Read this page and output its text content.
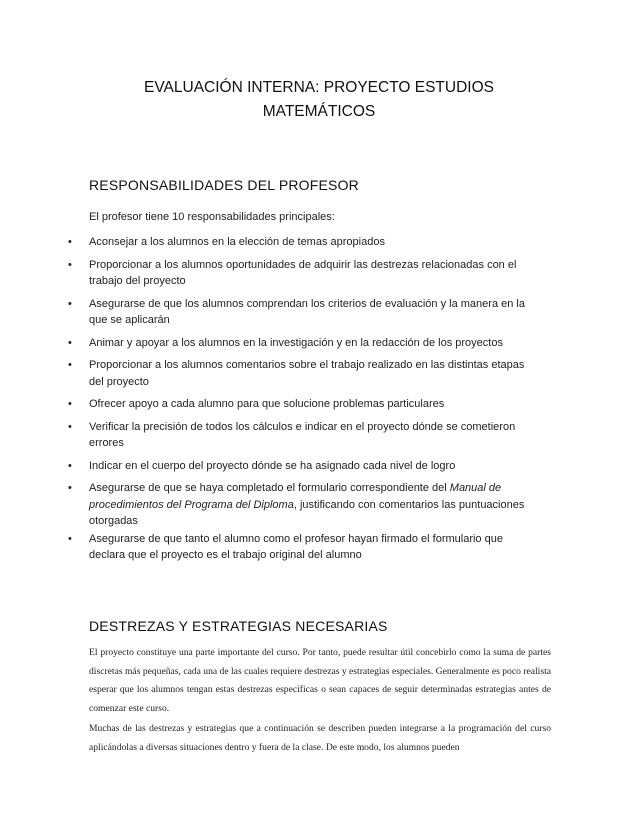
EVALUACIÓN INTERNA: PROYECTO ESTUDIOS
MATEMÁTICOS
RESPONSABILIDADES DEL PROFESOR
El profesor tiene 10 responsabilidades principales:
• Aconsejar a los alumnos en la elección de temas apropiados
• Proporcionar a los alumnos oportunidades de adquirir las destrezas relacionadas con el trabajo del proyecto
• Asegurarse de que los alumnos comprendan los criterios de evaluación y la manera en la que se aplicarán
• Animar y apoyar a los alumnos en la investigación y en la redacción de los proyectos
• Proporcionar a los alumnos comentarios sobre el trabajo realizado en las distintas etapas del proyecto
• Ofrecer apoyo a cada alumno para que solucione problemas particulares
• Verificar la precisión de todos los cálculos e indicar en el proyecto dónde se cometieron errores
• Indicar en el cuerpo del proyecto dónde se ha asignado cada nivel de logro
• Asegurarse de que se haya completado el formulario correspondiente del Manual de procedimientos del Programa del Diploma, justificando con comentarios las puntuaciones otorgadas
• Asegurarse de que tanto el alumno como el profesor hayan firmado el formulario que declara que el proyecto es el trabajo original del alumno
DESTREZAS Y ESTRATEGIAS NECESARIAS
El proyecto constituye una parte importante del curso. Por tanto, puede resultar útil concebirlo como la suma de partes discretas más pequeñas, cada una de las cuales requiere destrezas y estrategias especiales. Generalmente es poco realista esperar que los alumnos tengan estas destrezas específicas o sean capaces de seguir determinadas estrategias antes de comenzar este curso.
Muchas de las destrezas y estrategias que a continuación se describen pueden integrarse a la programación del curso aplicándolas a diversas situaciones dentro y fuera de la clase. De este modo, los alumnos pueden
